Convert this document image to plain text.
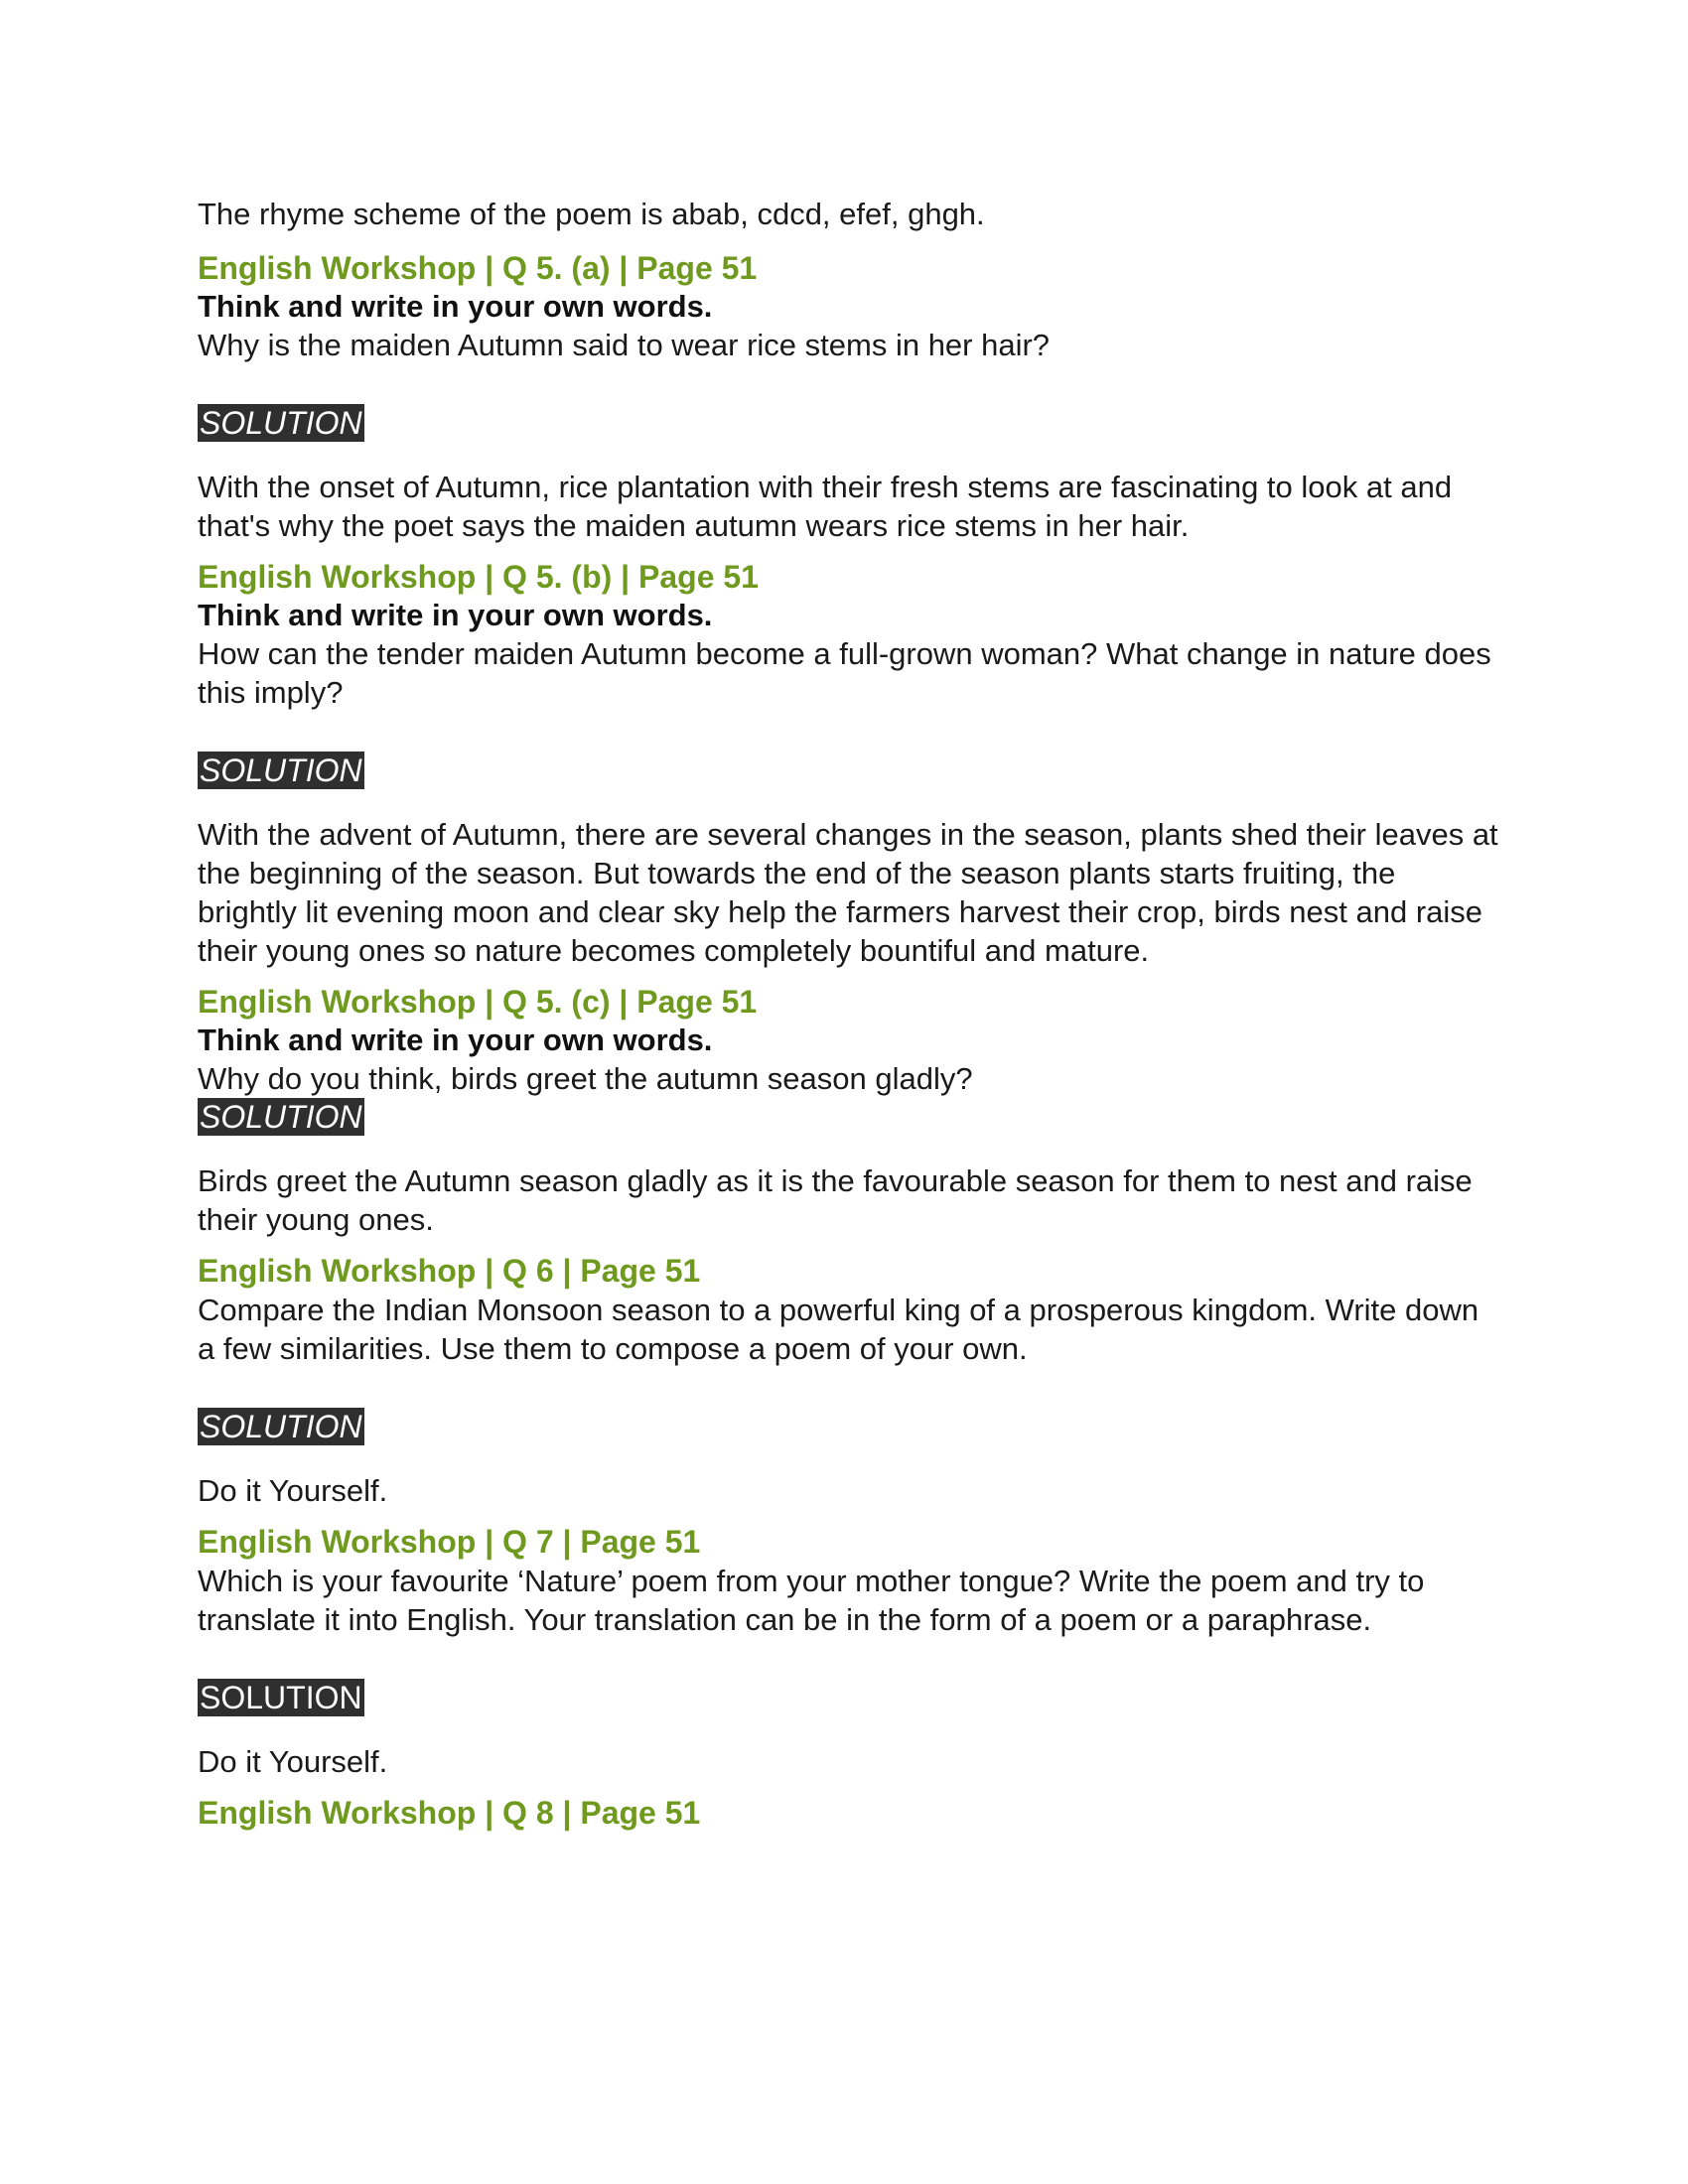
The rhyme scheme of the poem is abab, cdcd, efef, ghgh.

English Workshop | Q 5. (a) | Page 51

Think and write in your own words.

Why is the maiden Autumn said to wear rice stems in her hair?

SOLUTION

With the onset of Autumn, rice plantation with their fresh stems are fascinating to look at and that's why the poet says the maiden autumn wears rice stems in her hair.

English Workshop | Q 5. (b) | Page 51

Think and write in your own words.

How can the tender maiden Autumn become a full-grown woman? What change in nature does this imply?

SOLUTION

With the advent of Autumn, there are several changes in the season, plants shed their leaves at the beginning of the season. But towards the end of the season plants starts fruiting, the brightly lit evening moon and clear sky help the farmers harvest their crop, birds nest and raise their young ones so nature becomes completely bountiful and mature.

English Workshop | Q 5. (c) | Page 51

Think and write in your own words.

Why do you think, birds greet the autumn season gladly?

SOLUTION

Birds greet the Autumn season gladly as it is the favourable season for them to nest and raise their young ones.

English Workshop | Q 6 | Page 51

Compare the Indian Monsoon season to a powerful king of a prosperous kingdom. Write down a few similarities. Use them to compose a poem of your own.

SOLUTION

Do it Yourself.

English Workshop | Q 7 | Page 51

Which is your favourite ‘Nature’ poem from your mother tongue? Write the poem and try to translate it into English. Your translation can be in the form of a poem or a paraphrase.

SOLUTION

Do it Yourself.

English Workshop | Q 8 | Page 51
